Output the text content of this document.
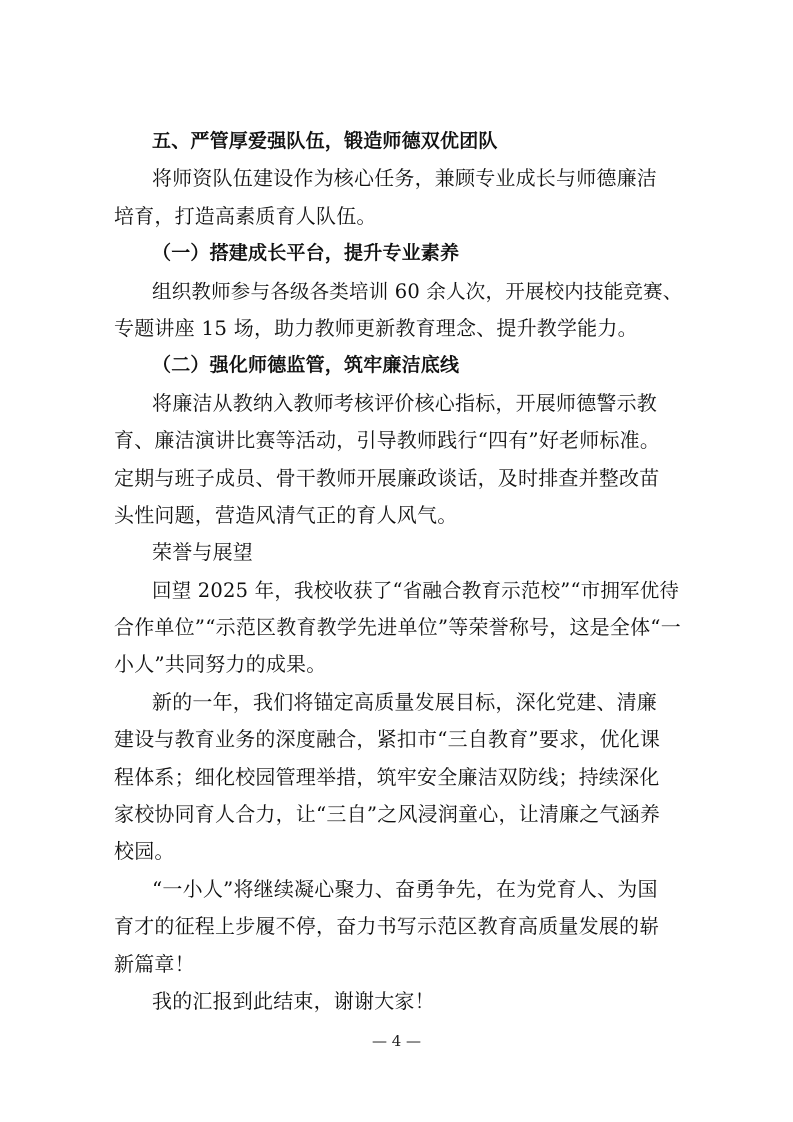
五、严管厚爱强队伍，锻造师德双优团队
将师资队伍建设作为核心任务，兼顾专业成长与师德廉洁
培育，打造高素质育人队伍。
（一）搭建成长平台，提升专业素养
组织教师参与各级各类培训 60 余人次，开展校内技能竞赛、
专题讲座 15 场，助力教师更新教育理念、提升教学能力。
（二）强化师德监管，筑牢廉洁底线
将廉洁从教纳入教师考核评价核心指标，开展师德警示教
育、廉洁演讲比赛等活动，引导教师践行“四有”好老师标准。
定期与班子成员、骨干教师开展廉政谈话，及时排查并整改苗
头性问题，营造风清气正的育人风气。
荣誉与展望
回望 2025 年，我校收获了“省融合教育示范校”“市拥军优待
合作单位”“示范区教育教学先进单位”等荣誉称号，这是全体“一
小人”共同努力的成果。
新的一年，我们将锚定高质量发展目标，深化党建、清廉
建设与教育业务的深度融合，紧扣市“三自教育”要求，优化课
程体系；细化校园管理举措，筑牢安全廉洁双防线；持续深化
家校协同育人合力，让“三自”之风浸润童心，让清廉之气涵养
校园。
“一小人”将继续凝心聚力、奋勇争先，在为党育人、为国
育才的征程上步履不停，奋力书写示范区教育高质量发展的崭
新篇章！
我的汇报到此结束，谢谢大家！
— 4 —
